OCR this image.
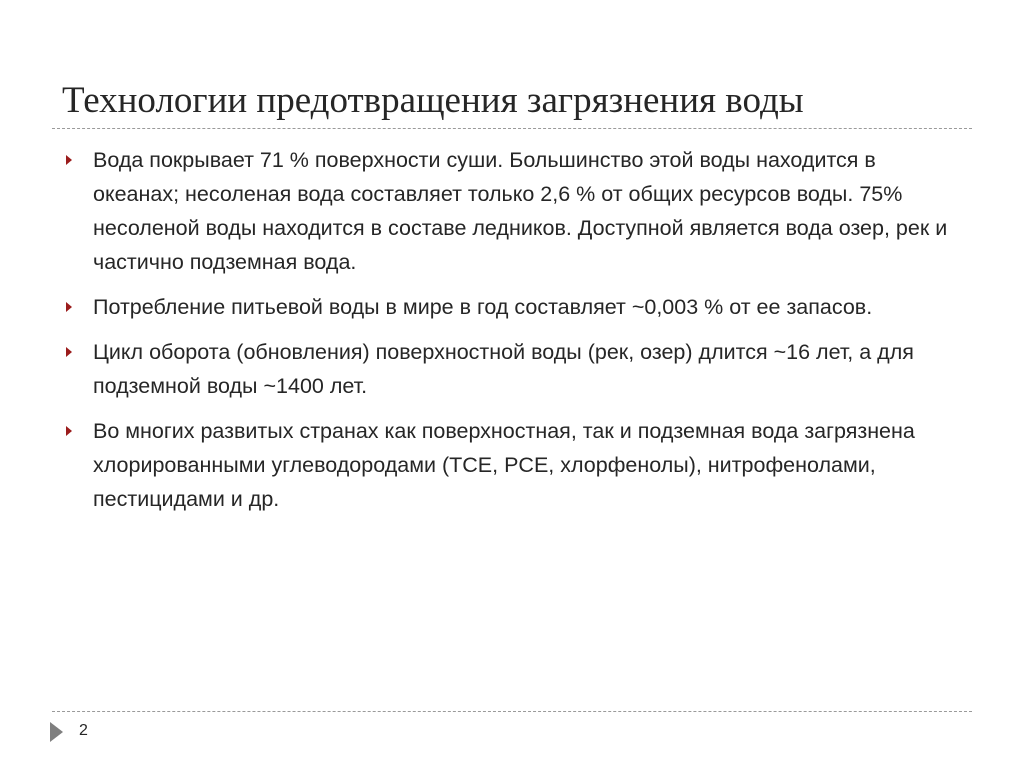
Технологии предотвращения загрязнения воды
Вода покрывает 71 % поверхности суши. Большинство этой воды находится в океанах; несоленая вода составляет только 2,6 % от общих ресурсов воды. 75% несоленой воды находится в составе ледников. Доступной является вода озер, рек и частично подземная вода.
Потребление питьевой воды в мире в год составляет ~0,003 % от ее запасов.
Цикл оборота (обновления) поверхностной воды (рек, озер) длится ~16 лет, а для подземной воды ~1400 лет.
Во многих развитых странах как поверхностная, так и подземная вода загрязнена хлорированными углеводородами (TCE, PCE, хлорфенолы), нитрофенолами, пестицидами и др.
2
